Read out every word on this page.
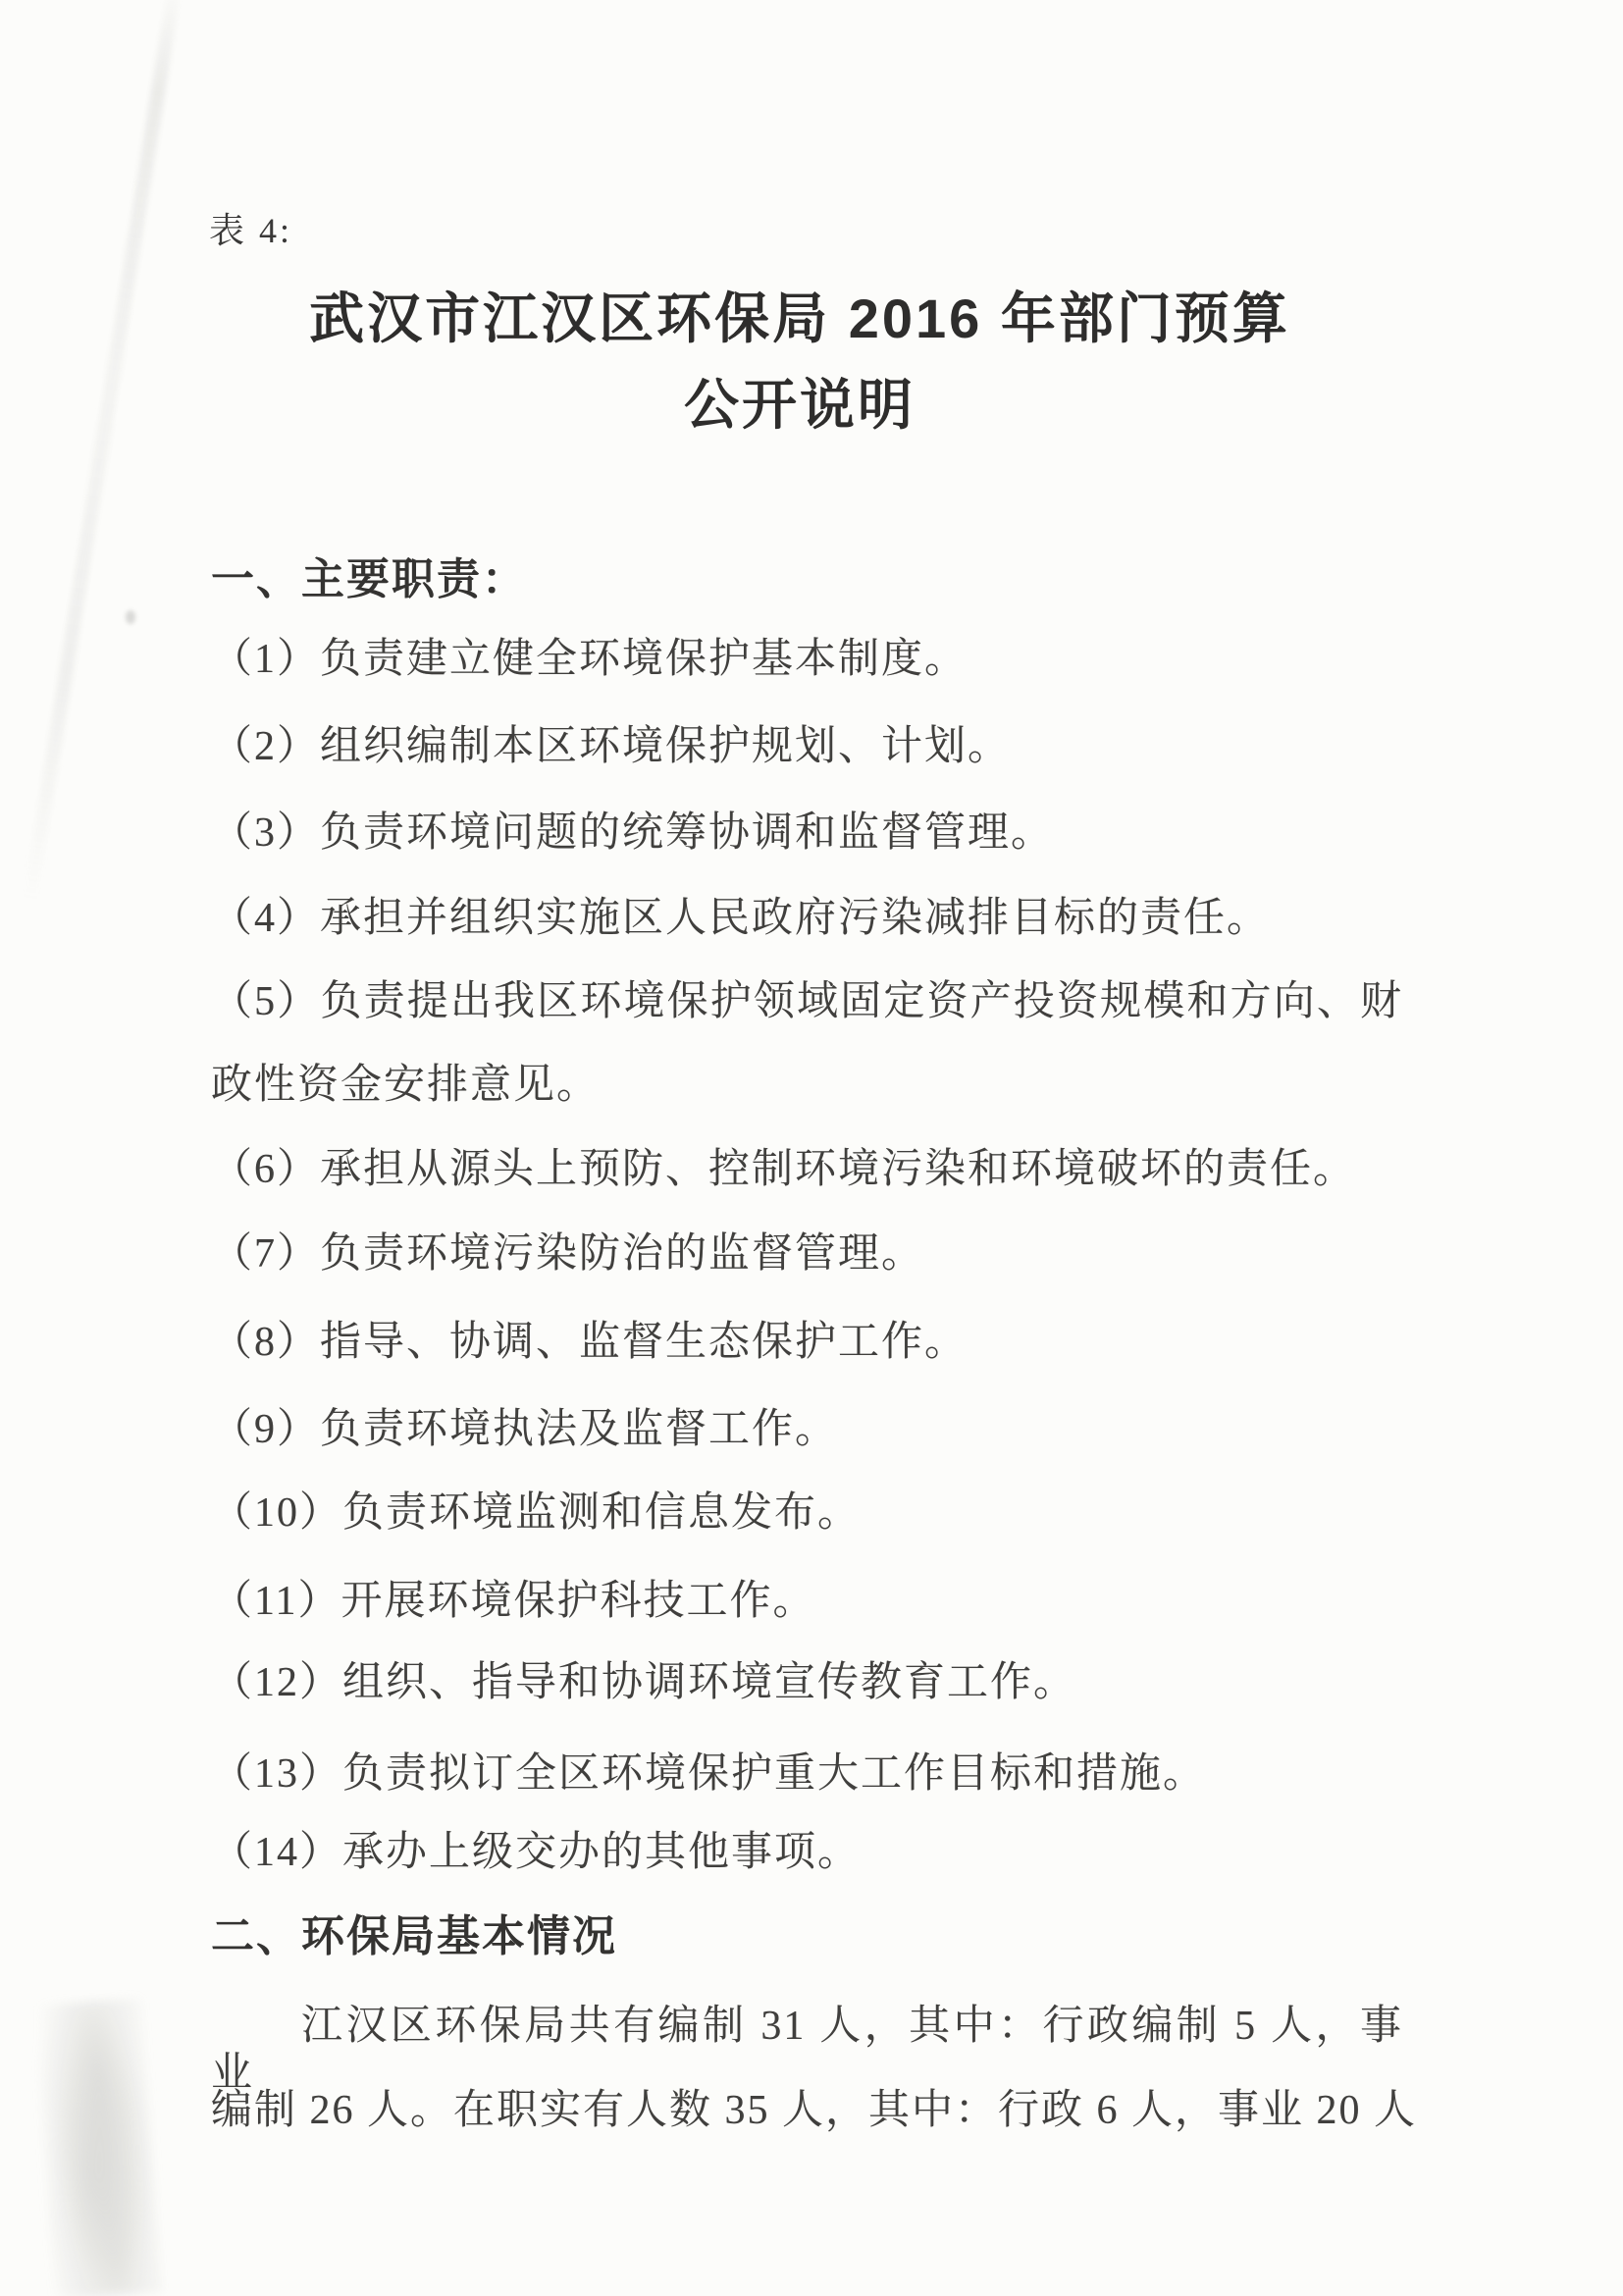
表 4:
武汉市江汉区环保局 2016 年部门预算
公开说明
一、主要职责：
（1）负责建立健全环境保护基本制度。
（2）组织编制本区环境保护规划、计划。
（3）负责环境问题的统筹协调和监督管理。
（4）承担并组织实施区人民政府污染减排目标的责任。
（5）负责提出我区环境保护领域固定资产投资规模和方向、财
政性资金安排意见。
（6）承担从源头上预防、控制环境污染和环境破坏的责任。
（7）负责环境污染防治的监督管理。
（8）指导、协调、监督生态保护工作。
（9）负责环境执法及监督工作。
（10）负责环境监测和信息发布。
（11）开展环境保护科技工作。
（12）组织、指导和协调环境宣传教育工作。
（13）负责拟订全区环境保护重大工作目标和措施。
（14）承办上级交办的其他事项。
二、环保局基本情况
江汉区环保局共有编制 31 人，其中：行政编制 5 人，事业
编制 26 人。在职实有人数 35 人，其中：行政 6 人，事业 20 人
